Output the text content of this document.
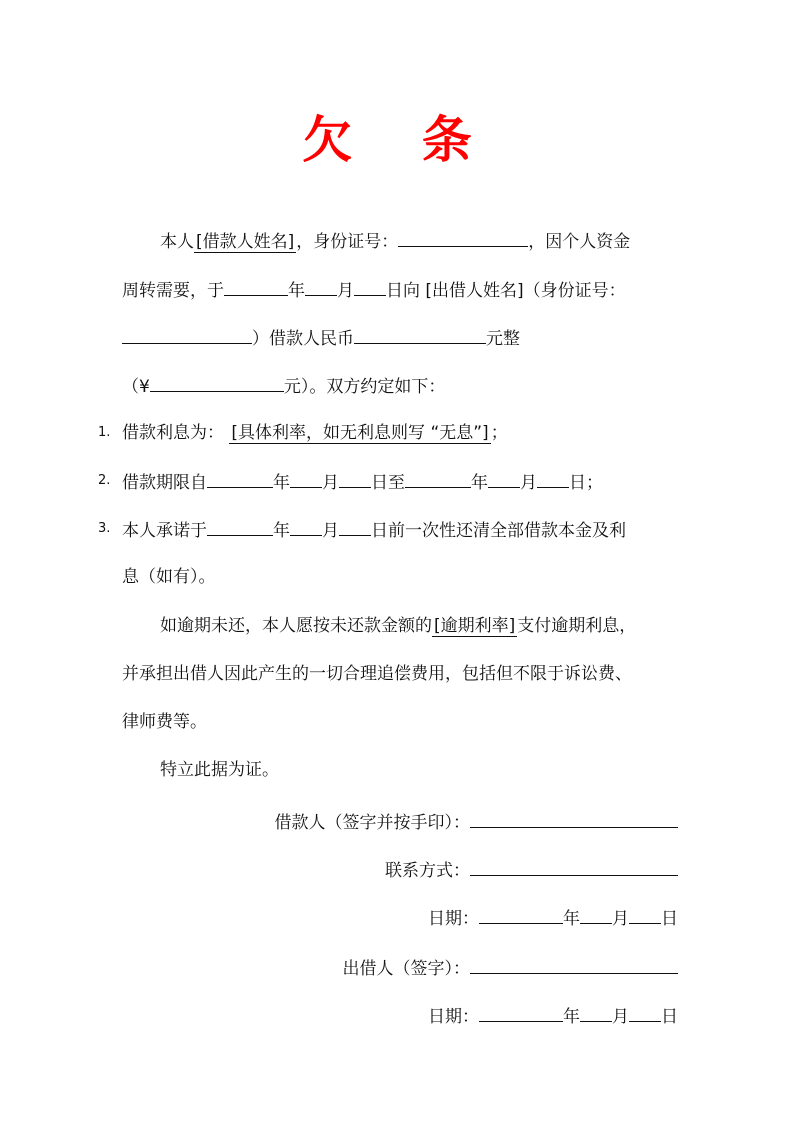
欠 条
本人 [借款人姓名] ，身份证号：	，因个人资金
周转需要，于	年 月 日向 [出借人姓名]（身份证号：
）借款人民币	元整
（¥	元）。双方约定如下：
1. 借款利息为： [具体利率，如无利息则写 “无息”] ；
2. 借款期限自	年 月 日至	年 月 日；
3. 本人承诺于	年 月 日前一次性还清全部借款本金及利
息（如有）。
如逾期未还，本人愿按未还款金额的 [逾期利率] 支付逾期利息，
并承担出借人因此产生的一切合理追偿费用，包括但不限于诉讼费、
律师费等。
特立此据为证。
借款人（签字并按手印）：
联系方式：
日期：	年 月 日
出借人（签字）：
日期：	年 月 日
